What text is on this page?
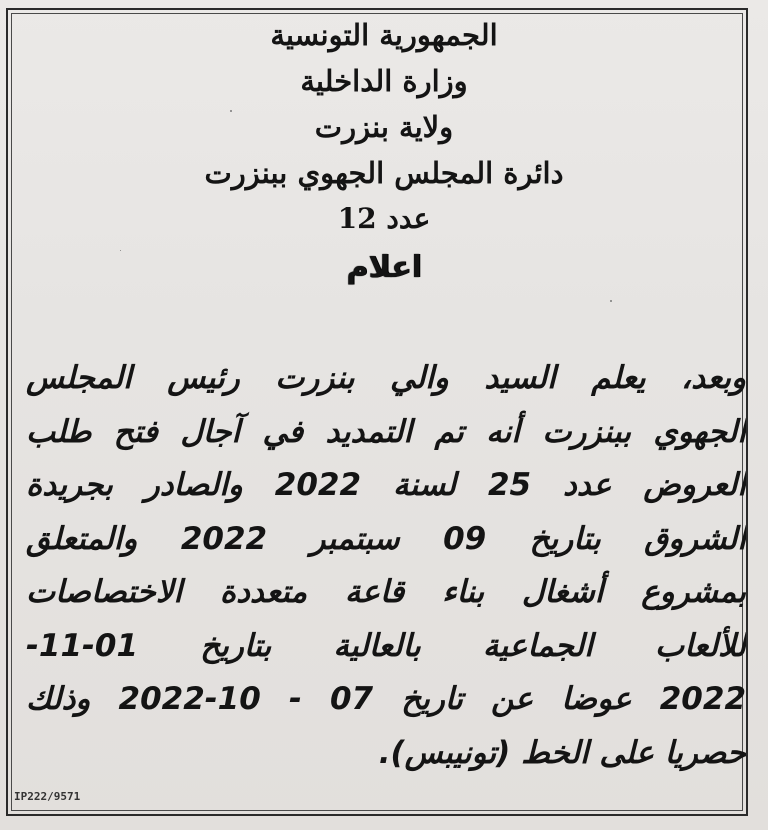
الجمهورية التونسية
وزارة الداخلية
ولاية بنزرت
دائرة المجلس الجهوي ببنزرت
عدد 12
اعلام
وبعد، يعلم السيد والي بنزرت رئيس المجلس
الجهوي ببنزرت أنه تم التمديد في آجال فتح طلب
العروض عدد 25 لسنة 2022 والصادر بجريدة
الشروق بتاريخ 09 سبتمبر 2022 والمتعلق
بمشروع أشغال بناء قاعة متعددة الاختصاصات
للألعاب الجماعية بالعالية بتاريخ 01-11-
2022 عوضا عن تاريخ 07 - 10-2022 وذلك
حصريا على الخط (تونيبس).
IP222/9571
